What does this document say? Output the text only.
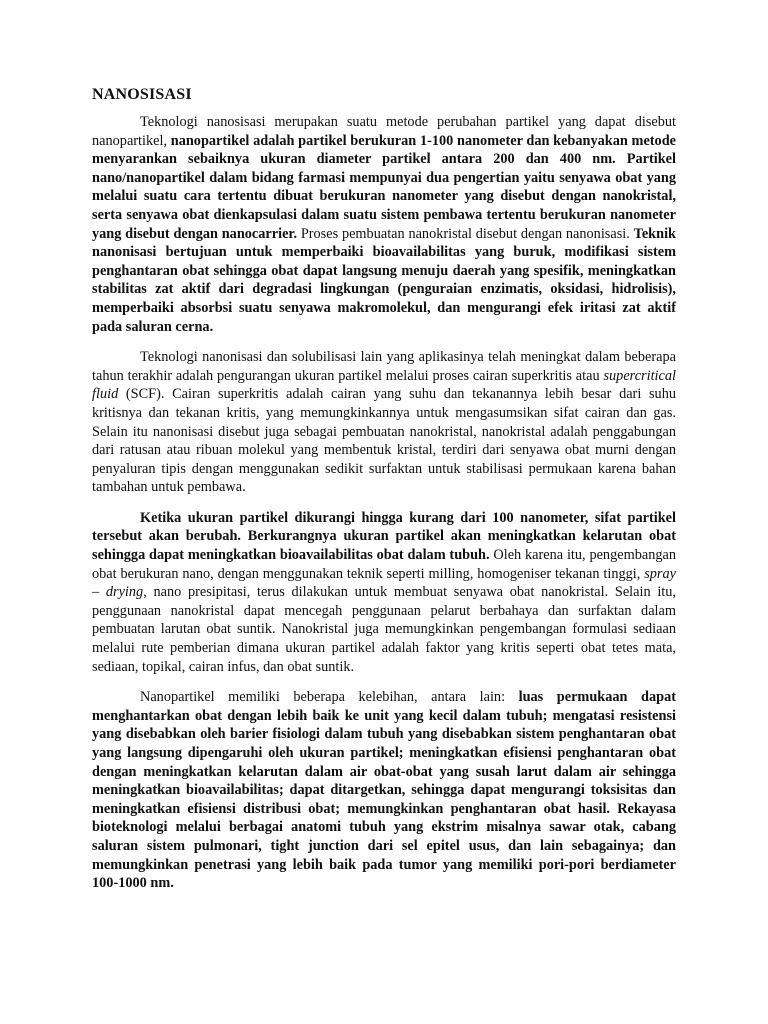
NANOSISASI

Teknologi nanosisasi merupakan suatu metode perubahan partikel yang dapat disebut nanopartikel, nanopartikel adalah partikel berukuran 1-100 nanometer dan kebanyakan metode menyarankan sebaiknya ukuran diameter partikel antara 200 dan 400 nm. Partikel nano/nanopartikel dalam bidang farmasi mempunyai dua pengertian yaitu senyawa obat yang melalui suatu cara tertentu dibuat berukuran nanometer yang disebut dengan nanokristal, serta senyawa obat dienkapsulasi dalam suatu sistem pembawa tertentu berukuran nanometer yang disebut dengan nanocarrier. Proses pembuatan nanokristal disebut dengan nanonisasi. Teknik nanonisasi bertujuan untuk memperbaiki bioavailabilitas yang buruk, modifikasi sistem penghantaran obat sehingga obat dapat langsung menuju daerah yang spesifik, meningkatkan stabilitas zat aktif dari degradasi lingkungan (penguraian enzimatis, oksidasi, hidrolisis), memperbaiki absorbsi suatu senyawa makromolekul, dan mengurangi efek iritasi zat aktif pada saluran cerna.

Teknologi nanonisasi dan solubilisasi lain yang aplikasinya telah meningkat dalam beberapa tahun terakhir adalah pengurangan ukuran partikel melalui proses cairan superkritis atau supercritical fluid (SCF). Cairan superkritis adalah cairan yang suhu dan tekanannya lebih besar dari suhu kritisnya dan tekanan kritis, yang memungkinkannya untuk mengasumsikan sifat cairan dan gas. Selain itu nanonisasi disebut juga sebagai pembuatan nanokristal, nanokristal adalah penggabungan dari ratusan atau ribuan molekul yang membentuk kristal, terdiri dari senyawa obat murni dengan penyaluran tipis dengan menggunakan sedikit surfaktan untuk stabilisasi permukaan karena bahan tambahan untuk pembawa.

Ketika ukuran partikel dikurangi hingga kurang dari 100 nanometer, sifat partikel tersebut akan berubah. Berkurangnya ukuran partikel akan meningkatkan kelarutan obat sehingga dapat meningkatkan bioavailabilitas obat dalam tubuh. Oleh karena itu, pengembangan obat berukuran nano, dengan menggunakan teknik seperti milling, homogeniser tekanan tinggi, spray – drying, nano presipitasi, terus dilakukan untuk membuat senyawa obat nanokristal. Selain itu, penggunaan nanokristal dapat mencegah penggunaan pelarut berbahaya dan surfaktan dalam pembuatan larutan obat suntik. Nanokristal juga memungkinkan pengembangan formulasi sediaan melalui rute pemberian dimana ukuran partikel adalah faktor yang kritis seperti obat tetes mata, sediaan, topikal, cairan infus, dan obat suntik.

Nanopartikel memiliki beberapa kelebihan, antara lain: luas permukaan dapat menghantarkan obat dengan lebih baik ke unit yang kecil dalam tubuh; mengatasi resistensi yang disebabkan oleh barier fisiologi dalam tubuh yang disebabkan sistem penghantaran obat yang langsung dipengaruhi oleh ukuran partikel; meningkatkan efisiensi penghantaran obat dengan meningkatkan kelarutan dalam air obat-obat yang susah larut dalam air sehingga meningkatkan bioavailabilitas; dapat ditargetkan, sehingga dapat mengurangi toksisitas dan meningkatkan efisiensi distribusi obat; memungkinkan penghantaran obat hasil. Rekayasa bioteknologi melalui berbagai anatomi tubuh yang ekstrim misalnya sawar otak, cabang saluran sistem pulmonari, tight junction dari sel epitel usus, dan lain sebagainya; dan memungkinkan penetrasi yang lebih baik pada tumor yang memiliki pori-pori berdiameter 100-1000 nm.
